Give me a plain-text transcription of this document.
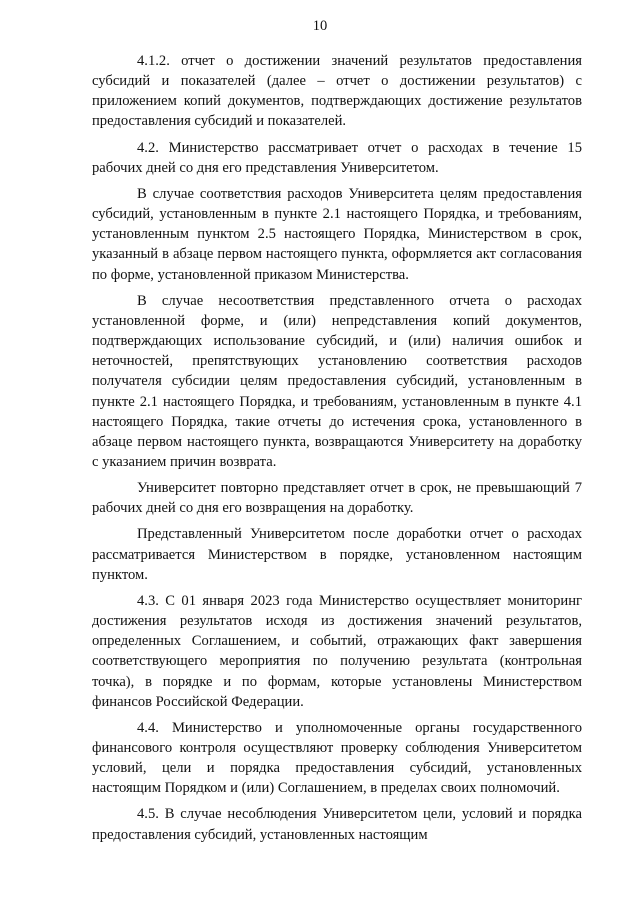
10

4.1.2. отчет о достижении значений результатов предоставления субсидий и показателей (далее – отчет о достижении результатов) с приложением копий документов, подтверждающих достижение результатов предоставления субсидий и показателей.

4.2. Министерство рассматривает отчет о расходах в течение 15 рабочих дней со дня его представления Университетом.

В случае соответствия расходов Университета целям предоставления субсидий, установленным в пункте 2.1 настоящего Порядка, и требованиям, установленным пунктом 2.5 настоящего Порядка, Министерством в срок, указанный в абзаце первом настоящего пункта, оформляется акт согласования по форме, установленной приказом Министерства.

В случае несоответствия представленного отчета о расходах установленной форме, и (или) непредставления копий документов, подтверждающих использование субсидий, и (или) наличия ошибок и неточностей, препятствующих установлению соответствия расходов получателя субсидии целям предоставления субсидий, установленным в пункте 2.1 настоящего Порядка, и требованиям, установленным в пункте 4.1 настоящего Порядка, такие отчеты до истечения срока, установленного в абзаце первом настоящего пункта, возвращаются Университету на доработку с указанием причин возврата.

Университет повторно представляет отчет в срок, не превышающий 7 рабочих дней со дня его возвращения на доработку.

Представленный Университетом после доработки отчет о расходах рассматривается Министерством в порядке, установленном настоящим пунктом.

4.3. С 01 января 2023 года Министерство осуществляет мониторинг достижения результатов исходя из достижения значений результатов, определенных Соглашением, и событий, отражающих факт завершения соответствующего мероприятия по получению результата (контрольная точка), в порядке и по формам, которые установлены Министерством финансов Российской Федерации.

4.4. Министерство и уполномоченные органы государственного финансового контроля осуществляют проверку соблюдения Университетом условий, цели и порядка предоставления субсидий, установленных настоящим Порядком и (или) Соглашением, в пределах своих полномочий.

4.5. В случае несоблюдения Университетом цели, условий и порядка предоставления субсидий, установленных настоящим
